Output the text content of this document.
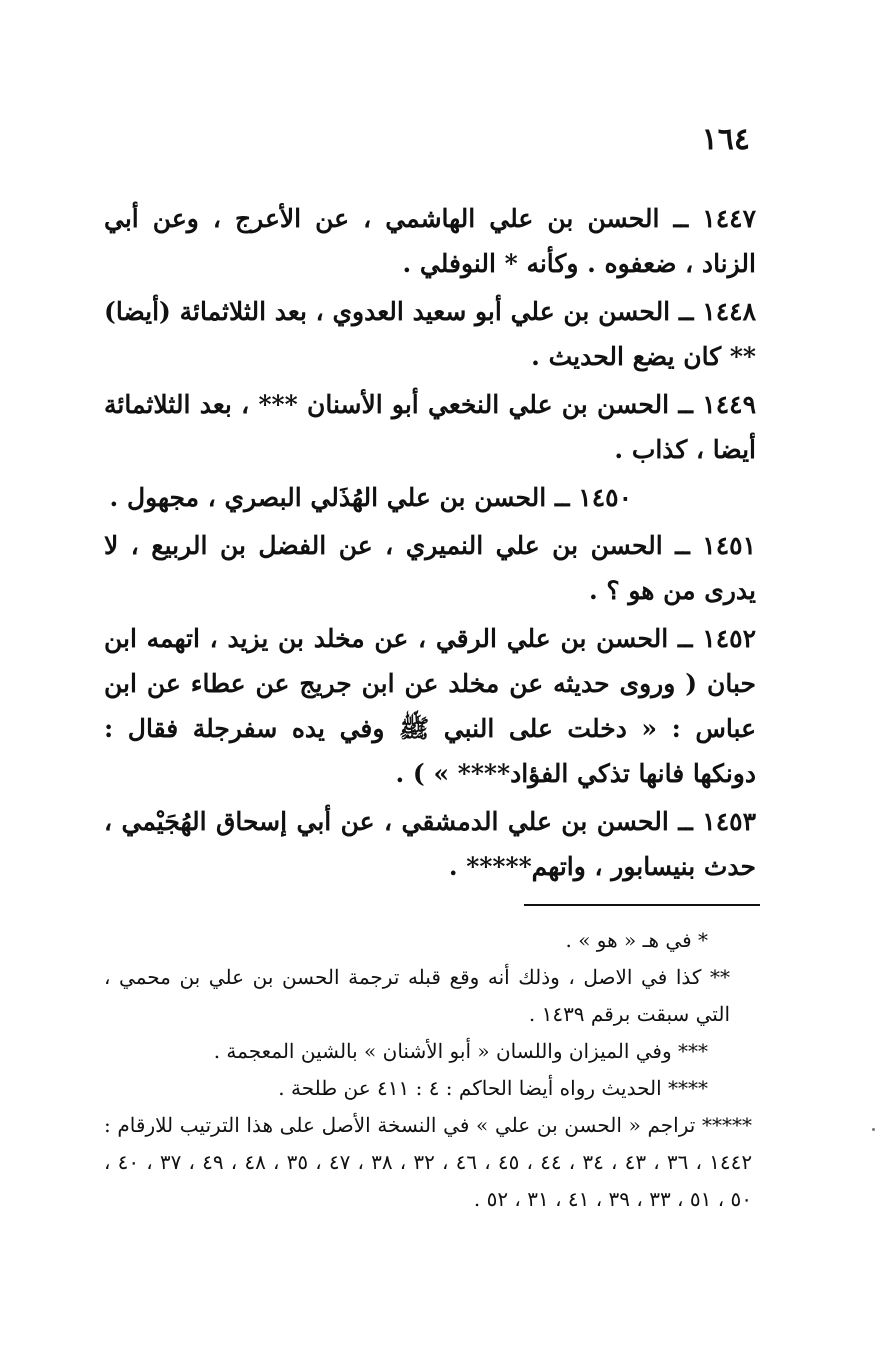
١٦٤

١٤٤٧ ــ الحسن بن علي الهاشمي ، عن الأعرج ، وعن أبي الزناد ، ضعفوه . وكأنه * النوفلي .

١٤٤٨ ــ الحسن بن علي أبو سعيد العدوي ، بعد الثلاثمائة (أيضا) ** كان يضع الحديث .

١٤٤٩ ــ الحسن بن علي النخعي أبو الأسنان *** ، بعد الثلاثمائة أيضا ، كذاب .

١٤٥٠ ــ الحسن بن علي الهُذَلي البصري ، مجهول .

١٤٥١ ــ الحسن بن علي النميري ، عن الفضل بن الربيع ، لا يدرى من هو ؟ .

١٤٥٢ ــ الحسن بن علي الرقي ، عن مخلد بن يزيد ، اتهمه ابن حبان ( وروى حديثه عن مخلد عن ابن جريج عن عطاء عن ابن عباس : « دخلت على النبي ﷺ وفي يده سفرجلة فقال : دونكها فانها تذكي الفؤاد**** » ) .

١٤٥٣ ــ الحسن بن علي الدمشقي ، عن أبي إسحاق الهُجَيْمي ، حدث بنيسابور ، واتهم***** .

* في هـ « هو » .

** كذا في الاصل ، وذلك أنه وقع قبله ترجمة الحسن بن علي بن محمي ، التي سبقت برقم ١٤٣٩ .

*** وفي الميزان واللسان « أبو الأشنان » بالشين المعجمة .

**** الحديث رواه أيضا الحاكم : ٤ : ٤١١ عن طلحة .

***** تراجم « الحسن بن علي » في النسخة الأصل على هذا الترتيب للارقام : ١٤٤٢ ، ٣٦ ، ٤٣ ، ٣٤ ، ٤٤ ، ٤٥ ، ٤٦ ، ٣٢ ، ٣٨ ، ٤٧ ، ٣٥ ، ٤٨ ، ٤٩ ، ٣٧ ، ٤٠ ، ٥٠ ، ٥١ ، ٣٣ ، ٣٩ ، ٤١ ، ٣١ ، ٥٢ .
